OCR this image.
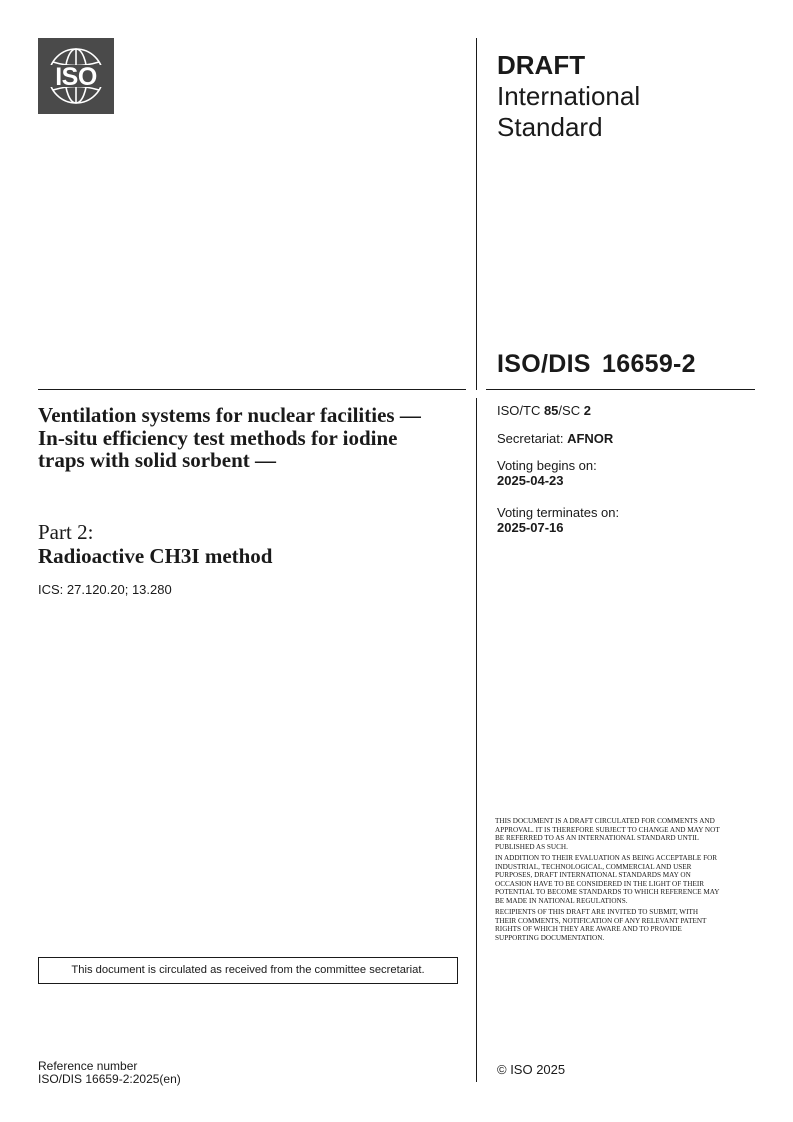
ISO	DRAFT
International
Standard
ISO/DIS 16659-2
ISO/TC 85/SC 2
Secretariat: AFNOR
Voting begins on:
2025-04-23
Voting terminates on:
2025-07-16
Ventilation systems for nuclear facilities — In-situ efficiency test methods for iodine traps with solid sorbent —
Part 2:
Radioactive CH3I method
ICS: 27.120.20; 13.280

THIS DOCUMENT IS A DRAFT CIRCULATED FOR COMMENTS AND APPROVAL. IT IS THEREFORE SUBJECT TO CHANGE AND MAY NOT BE REFERRED TO AS AN INTERNATIONAL STANDARD UNTIL PUBLISHED AS SUCH.

IN ADDITION TO THEIR EVALUATION AS BEING ACCEPTABLE FOR INDUSTRIAL, TECHNOLOGICAL, COMMERCIAL AND USER PURPOSES, DRAFT INTERNATIONAL STANDARDS MAY ON OCCASION HAVE TO BE CONSIDERED IN THE LIGHT OF THEIR POTENTIAL TO BECOME STANDARDS TO WHICH REFERENCE MAY BE MADE IN NATIONAL REGULATIONS.

RECIPIENTS OF THIS DRAFT ARE INVITED TO SUBMIT, WITH THEIR COMMENTS, NOTIFICATION OF ANY RELEVANT PATENT RIGHTS OF WHICH THEY ARE AWARE AND TO PROVIDE SUPPORTING DOCUMENTATION.

This document is circulated as received from the committee secretariat.
© ISO 2025
Reference number
ISO/DIS 16659-2:2025(en)
